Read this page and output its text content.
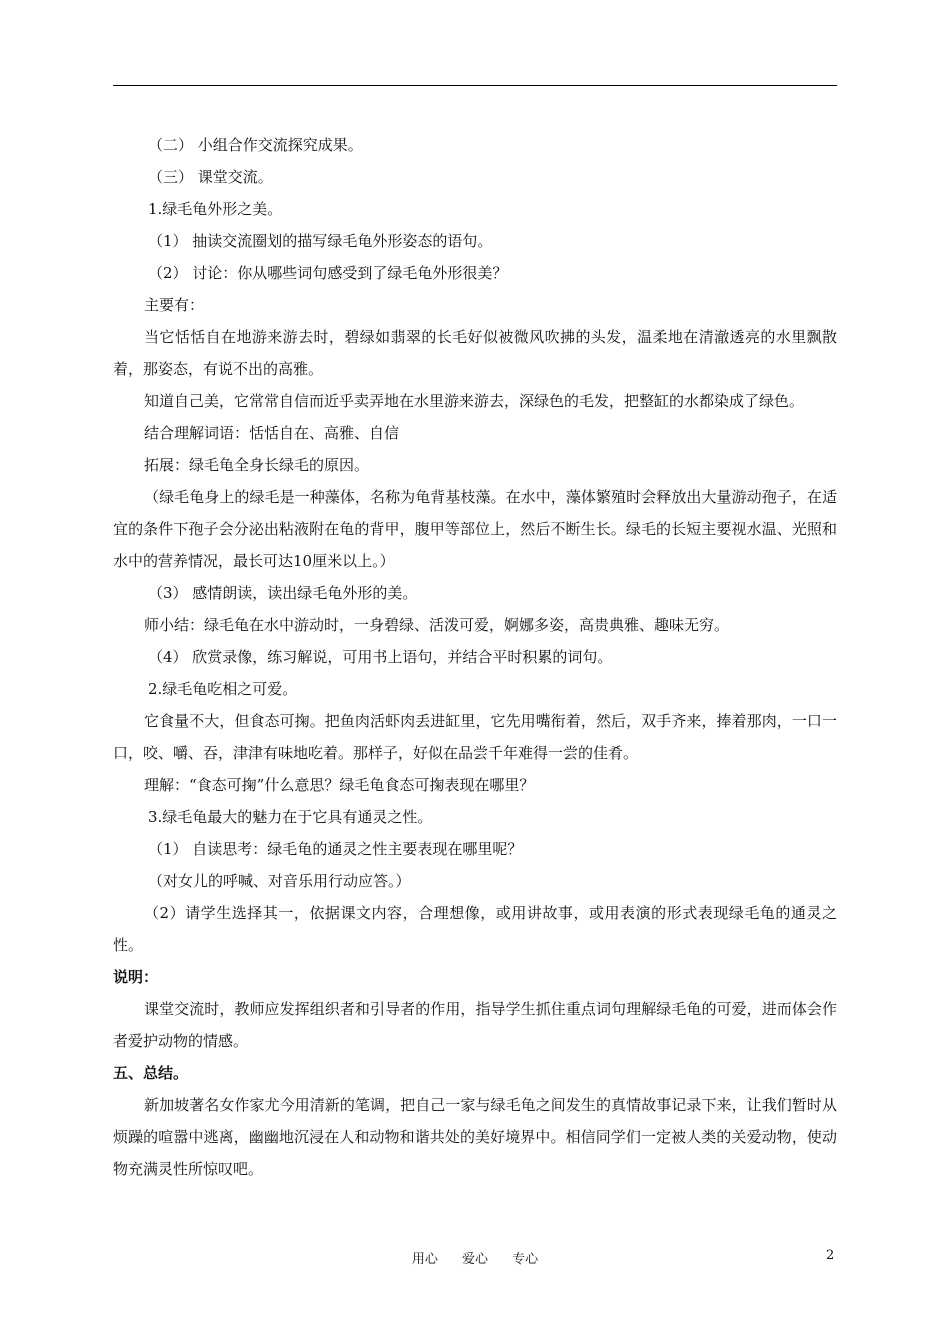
（二） 小组合作交流探究成果。

（三） 课堂交流。

1.绿毛龟外形之美。

（1） 抽读交流圈划的描写绿毛龟外形姿态的语句。

（2） 讨论：你从哪些词句感受到了绿毛龟外形很美？

主要有：

当它恬恬自在地游来游去时，碧绿如翡翠的长毛好似被微风吹拂的头发，温柔地在清澈透亮的水里飘散着，那姿态，有说不出的高雅。

知道自己美，它常常自信而近乎卖弄地在水里游来游去，深绿色的毛发，把整缸的水都染成了绿色。

结合理解词语：恬恬自在、高雅、自信

拓展：绿毛龟全身长绿毛的原因。

（绿毛龟身上的绿毛是一种藻体，名称为龟背基枝藻。在水中，藻体繁殖时会释放出大量游动孢子，在适宜的条件下孢子会分泌出粘液附在龟的背甲，腹甲等部位上，然后不断生长。绿毛的长短主要视水温、光照和水中的营养情况，最长可达10厘米以上。）

（3） 感情朗读，读出绿毛龟外形的美。

师小结：绿毛龟在水中游动时，一身碧绿、活泼可爱，婀娜多姿，高贵典雅、趣味无穷。

（4） 欣赏录像，练习解说，可用书上语句，并结合平时积累的词句。

2.绿毛龟吃相之可爱。

它食量不大，但食态可掬。把鱼肉活虾肉丢进缸里，它先用嘴衔着，然后，双手齐来，捧着那肉，一口一口，咬、嚼、吞，津津有味地吃着。那样子，好似在品尝千年难得一尝的佳肴。

理解：“食态可掬”什么意思？绿毛龟食态可掬表现在哪里？

3.绿毛龟最大的魅力在于它具有通灵之性。

（1） 自读思考：绿毛龟的通灵之性主要表现在哪里呢？

（对女儿的呼喊、对音乐用行动应答。）

（2）请学生选择其一，依据课文内容，合理想像，或用讲故事，或用表演的形式表现绿毛龟的通灵之性。

说明：

课堂交流时，教师应发挥组织者和引导者的作用，指导学生抓住重点词句理解绿毛龟的可爱，进而体会作者爱护动物的情感。

五、总结。

新加坡著名女作家尤今用清新的笔调，把自己一家与绿毛龟之间发生的真情故事记录下来，让我们暂时从烦躁的喧嚣中逃离，幽幽地沉浸在人和动物和谐共处的美好境界中。相信同学们一定被人类的关爱动物，使动物充满灵性所惊叹吧。

用心 爱心 专心	2
